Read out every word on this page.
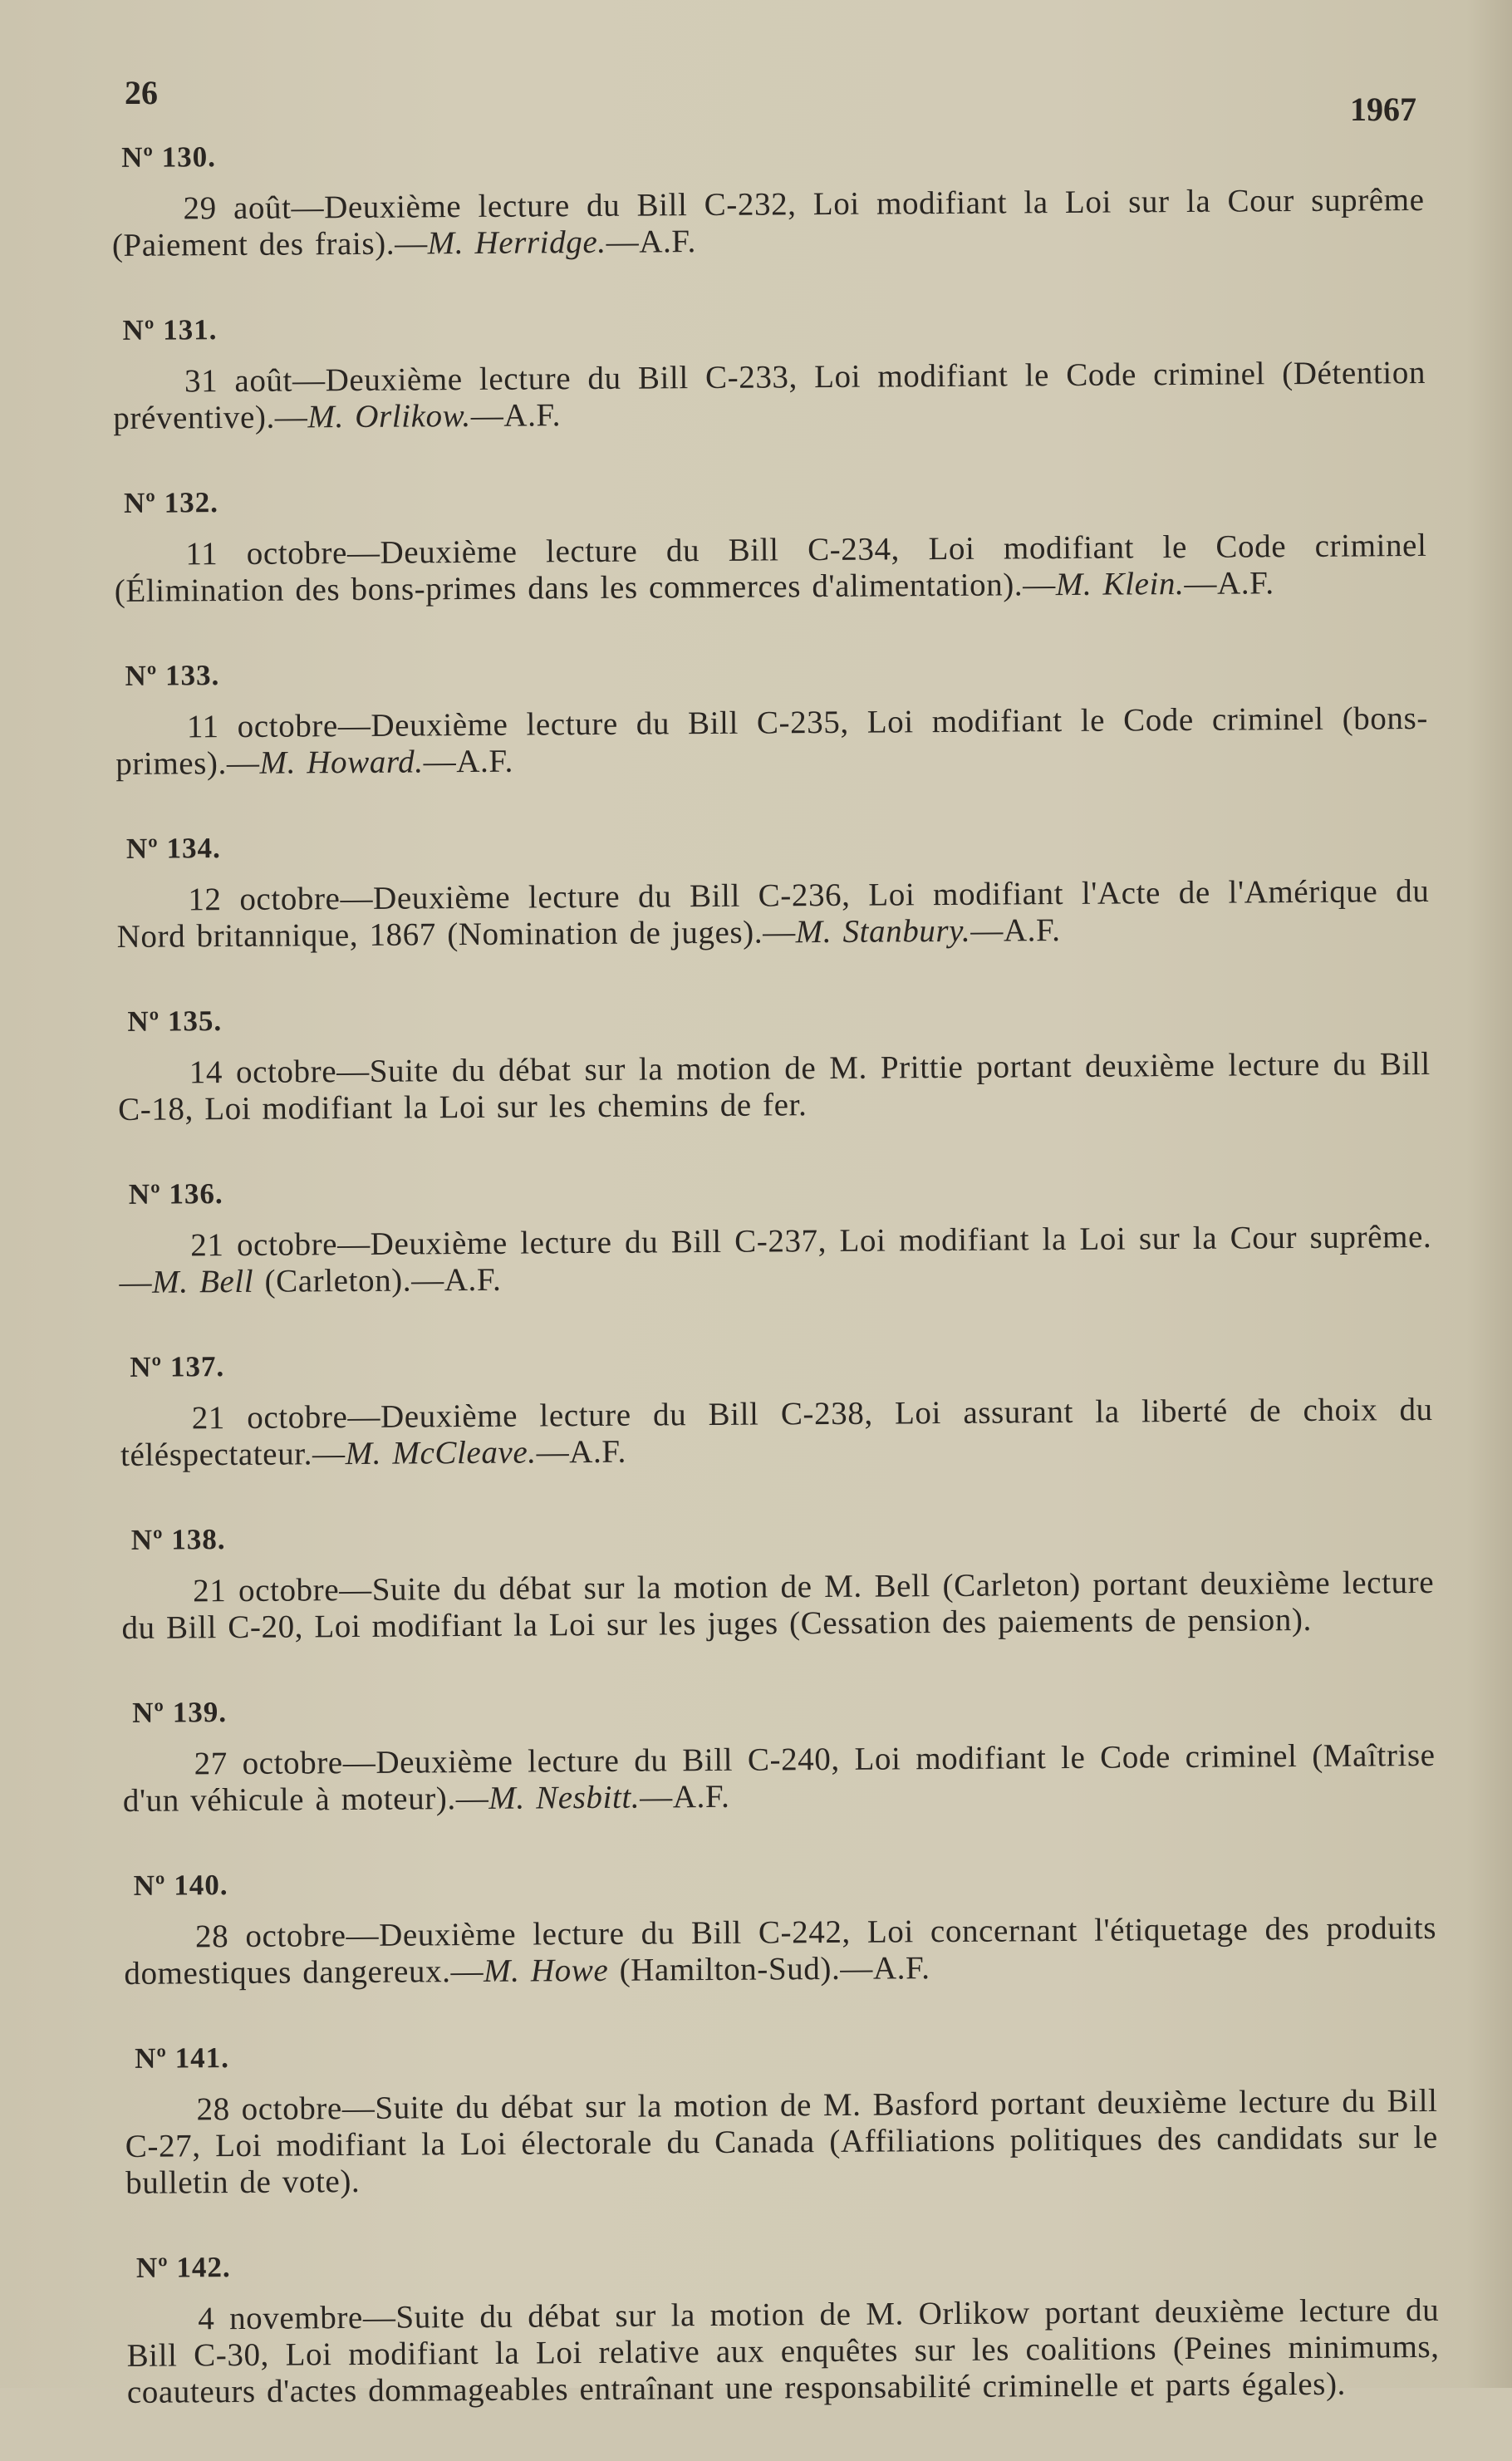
26	1967
Nº 130.

29 août—Deuxième lecture du Bill C-232, Loi modifiant la Loi sur la Cour suprême (Paiement des frais).—M. Herridge.—A.F.

Nº 131.

31 août—Deuxième lecture du Bill C-233, Loi modifiant le Code criminel (Détention préventive).—M. Orlikow.—A.F.

Nº 132.

11 octobre—Deuxième lecture du Bill C-234, Loi modifiant le Code criminel (Élimination des bons-primes dans les commerces d'alimentation).—M. Klein.—A.F.

Nº 133.

11 octobre—Deuxième lecture du Bill C-235, Loi modifiant le Code criminel (bons-primes).—M. Howard.—A.F.

Nº 134.

12 octobre—Deuxième lecture du Bill C-236, Loi modifiant l'Acte de l'Amérique du Nord britannique, 1867 (Nomination de juges).—M. Stanbury.—A.F.

Nº 135.

14 octobre—Suite du débat sur la motion de M. Prittie portant deuxième lecture du Bill C-18, Loi modifiant la Loi sur les chemins de fer.

Nº 136.

21 octobre—Deuxième lecture du Bill C-237, Loi modifiant la Loi sur la Cour suprême.—M. Bell (Carleton).—A.F.

Nº 137.

21 octobre—Deuxième lecture du Bill C-238, Loi assurant la liberté de choix du téléspectateur.—M. McCleave.—A.F.

Nº 138.

21 octobre—Suite du débat sur la motion de M. Bell (Carleton) portant deuxième lecture du Bill C-20, Loi modifiant la Loi sur les juges (Cessation des paiements de pension).

Nº 139.

27 octobre—Deuxième lecture du Bill C-240, Loi modifiant le Code criminel (Maîtrise d'un véhicule à moteur).—M. Nesbitt.—A.F.

Nº 140.

28 octobre—Deuxième lecture du Bill C-242, Loi concernant l'étiquetage des produits domestiques dangereux.—M. Howe (Hamilton-Sud).—A.F.

Nº 141.

28 octobre—Suite du débat sur la motion de M. Basford portant deuxième lecture du Bill C-27, Loi modifiant la Loi électorale du Canada (Affiliations politiques des candidats sur le bulletin de vote).

Nº 142.

4 novembre—Suite du débat sur la motion de M. Orlikow portant deuxième lecture du Bill C-30, Loi modifiant la Loi relative aux enquêtes sur les coalitions (Peines minimums, coauteurs d'actes dommageables entraînant une responsabilité criminelle et parts égales).
